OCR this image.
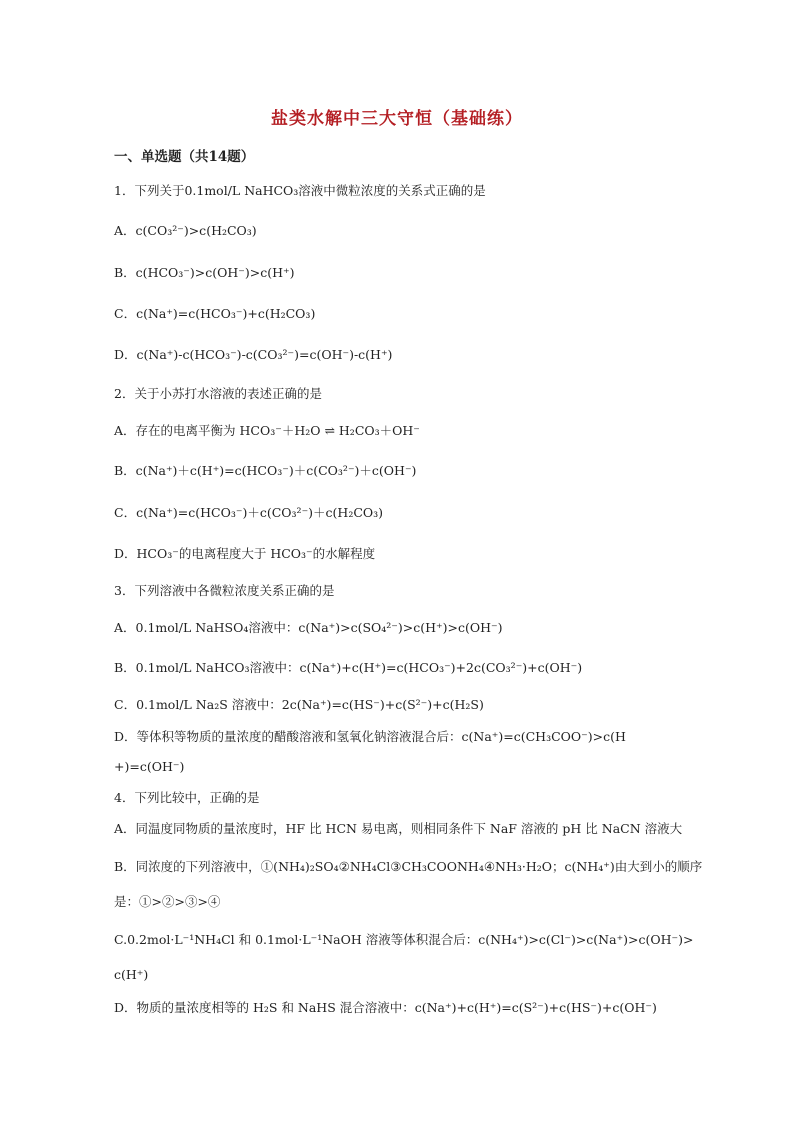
盐类水解中三大守恒（基础练）
一、单选题（共14题）
1．下列关于0.1mol/L NaHCO₃溶液中微粒浓度的关系式正确的是
A．c(CO₃²⁻)>c(H₂CO₃)
B．c(HCO₃⁻)>c(OH⁻)>c(H⁺)
C．c(Na⁺)=c(HCO₃⁻)+c(H₂CO₃)
D．c(Na⁺)-c(HCO₃⁻)-c(CO₃²⁻)=c(OH⁻)-c(H⁺)
2．关于小苏打水溶液的表述正确的是
A．存在的电离平衡为 HCO₃⁻＋H₂O ⇌ H₂CO₃＋OH⁻
B．c(Na⁺)＋c(H⁺)=c(HCO₃⁻)＋c(CO₃²⁻)＋c(OH⁻)
C．c(Na⁺)=c(HCO₃⁻)＋c(CO₃²⁻)＋c(H₂CO₃)
D．HCO₃⁻的电离程度大于 HCO₃⁻的水解程度
3．下列溶液中各微粒浓度关系正确的是
A．0.1mol/L NaHSO₄溶液中：c(Na⁺)>c(SO₄²⁻)>c(H⁺)>c(OH⁻)
B．0.1mol/L NaHCO₃溶液中：c(Na⁺)+c(H⁺)=c(HCO₃⁻)+2c(CO₃²⁻)+c(OH⁻)
C．0.1mol/L Na₂S 溶液中：2c(Na⁺)=c(HS⁻)+c(S²⁻)+c(H₂S)
D．等体积等物质的量浓度的醋酸溶液和氢氧化钠溶液混合后：c(Na⁺)=c(CH₃COO⁻)>c(H
+)=c(OH⁻)
4．下列比较中，正确的是
A．同温度同物质的量浓度时，HF 比 HCN 易电离，则相同条件下 NaF 溶液的 pH 比 NaCN 溶液大
B．同浓度的下列溶液中，①(NH₄)₂SO₄②NH₄Cl③CH₃COONH₄④NH₃·H₂O；c(NH₄⁺)由大到小的顺序
是：①>②>③>④
C.0.2mol·L⁻¹NH₄Cl 和 0.1mol·L⁻¹NaOH 溶液等体积混合后：c(NH₄⁺)>c(Cl⁻)>c(Na⁺)>c(OH⁻)>
c(H⁺)
D．物质的量浓度相等的 H₂S 和 NaHS 混合溶液中：c(Na⁺)+c(H⁺)=c(S²⁻)+c(HS⁻)+c(OH⁻)
